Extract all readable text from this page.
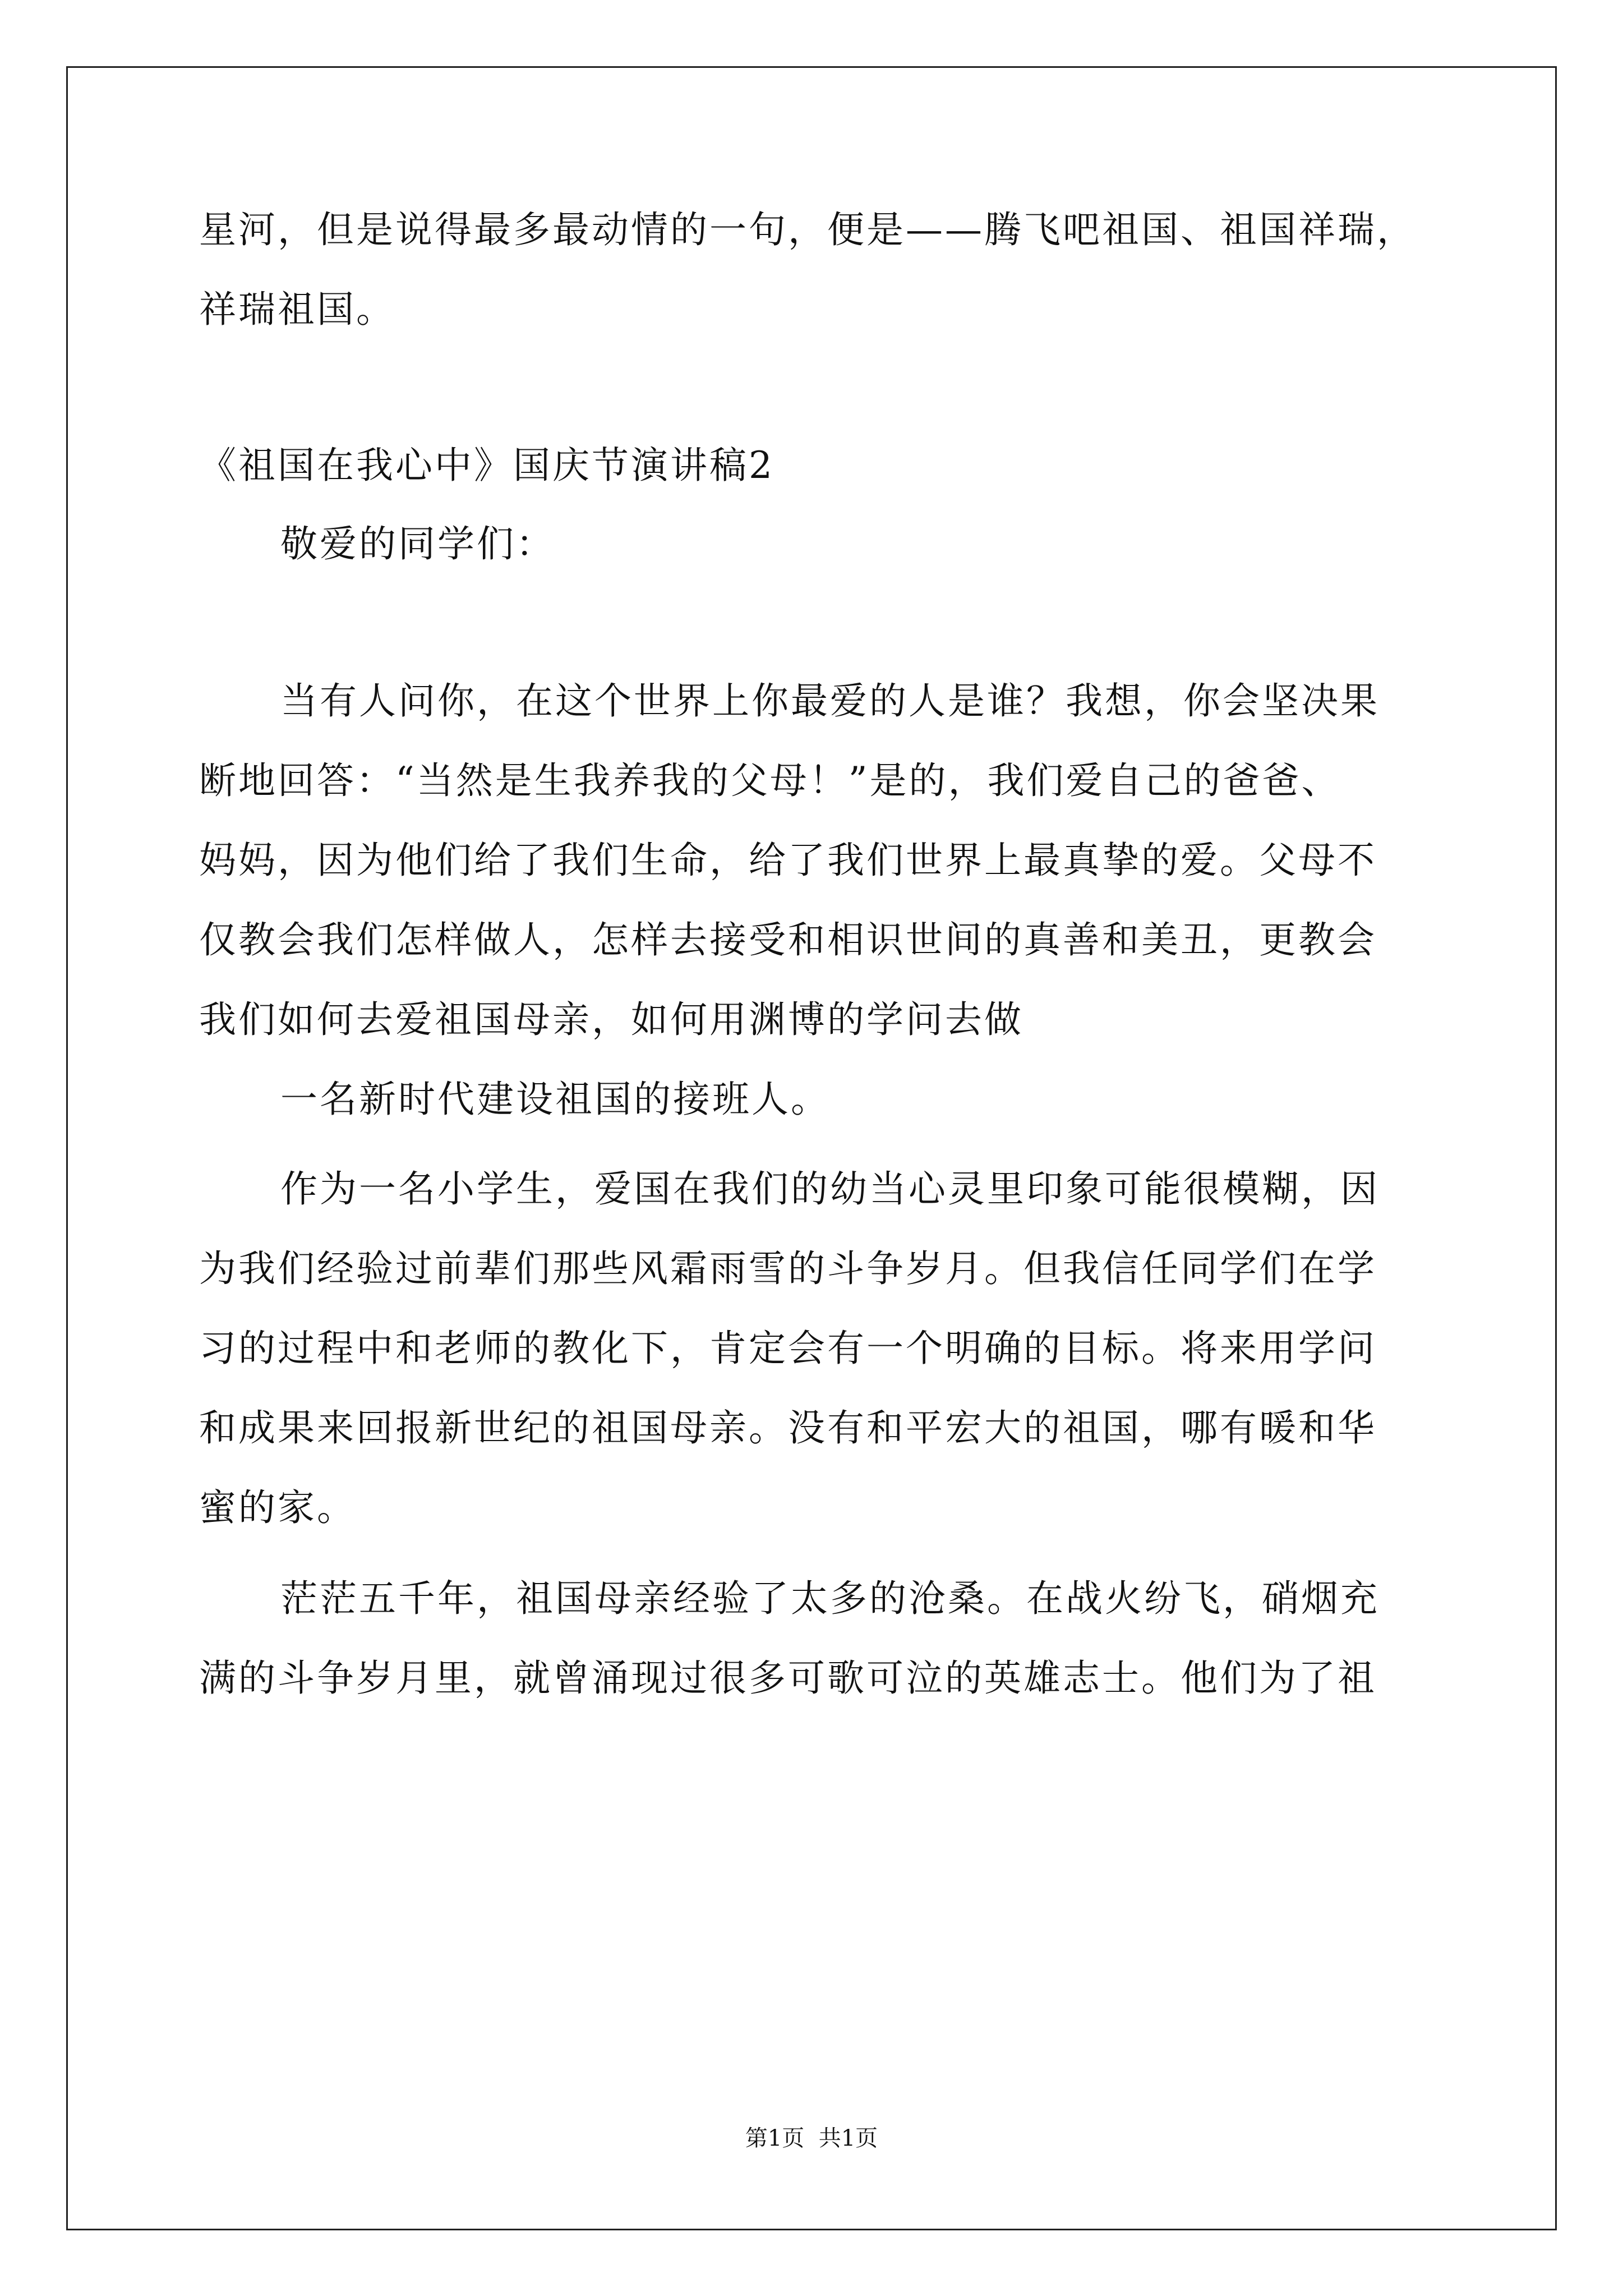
星河，但是说得最多最动情的一句，便是——腾飞吧祖国、祖国祥瑞，
祥瑞祖国。
《祖国在我心中》国庆节演讲稿2
敬爱的同学们：
当有人问你，在这个世界上你最爱的人是谁？我想，你会坚决果
断地回答：“当然是生我养我的父母！”是的，我们爱自己的爸爸、
妈妈，因为他们给了我们生命，给了我们世界上最真挚的爱。父母不
仅教会我们怎样做人，怎样去接受和相识世间的真善和美丑，更教会
我们如何去爱祖国母亲，如何用渊博的学问去做
一名新时代建设祖国的接班人。
作为一名小学生，爱国在我们的幼当心灵里印象可能很模糊，因
为我们经验过前辈们那些风霜雨雪的斗争岁月。但我信任同学们在学
习的过程中和老师的教化下，肯定会有一个明确的目标。将来用学问
和成果来回报新世纪的祖国母亲。没有和平宏大的祖国，哪有暖和华
蜜的家。
茫茫五千年，祖国母亲经验了太多的沧桑。在战火纷飞，硝烟充
满的斗争岁月里，就曾涌现过很多可歌可泣的英雄志士。他们为了祖
第1页  共1页
